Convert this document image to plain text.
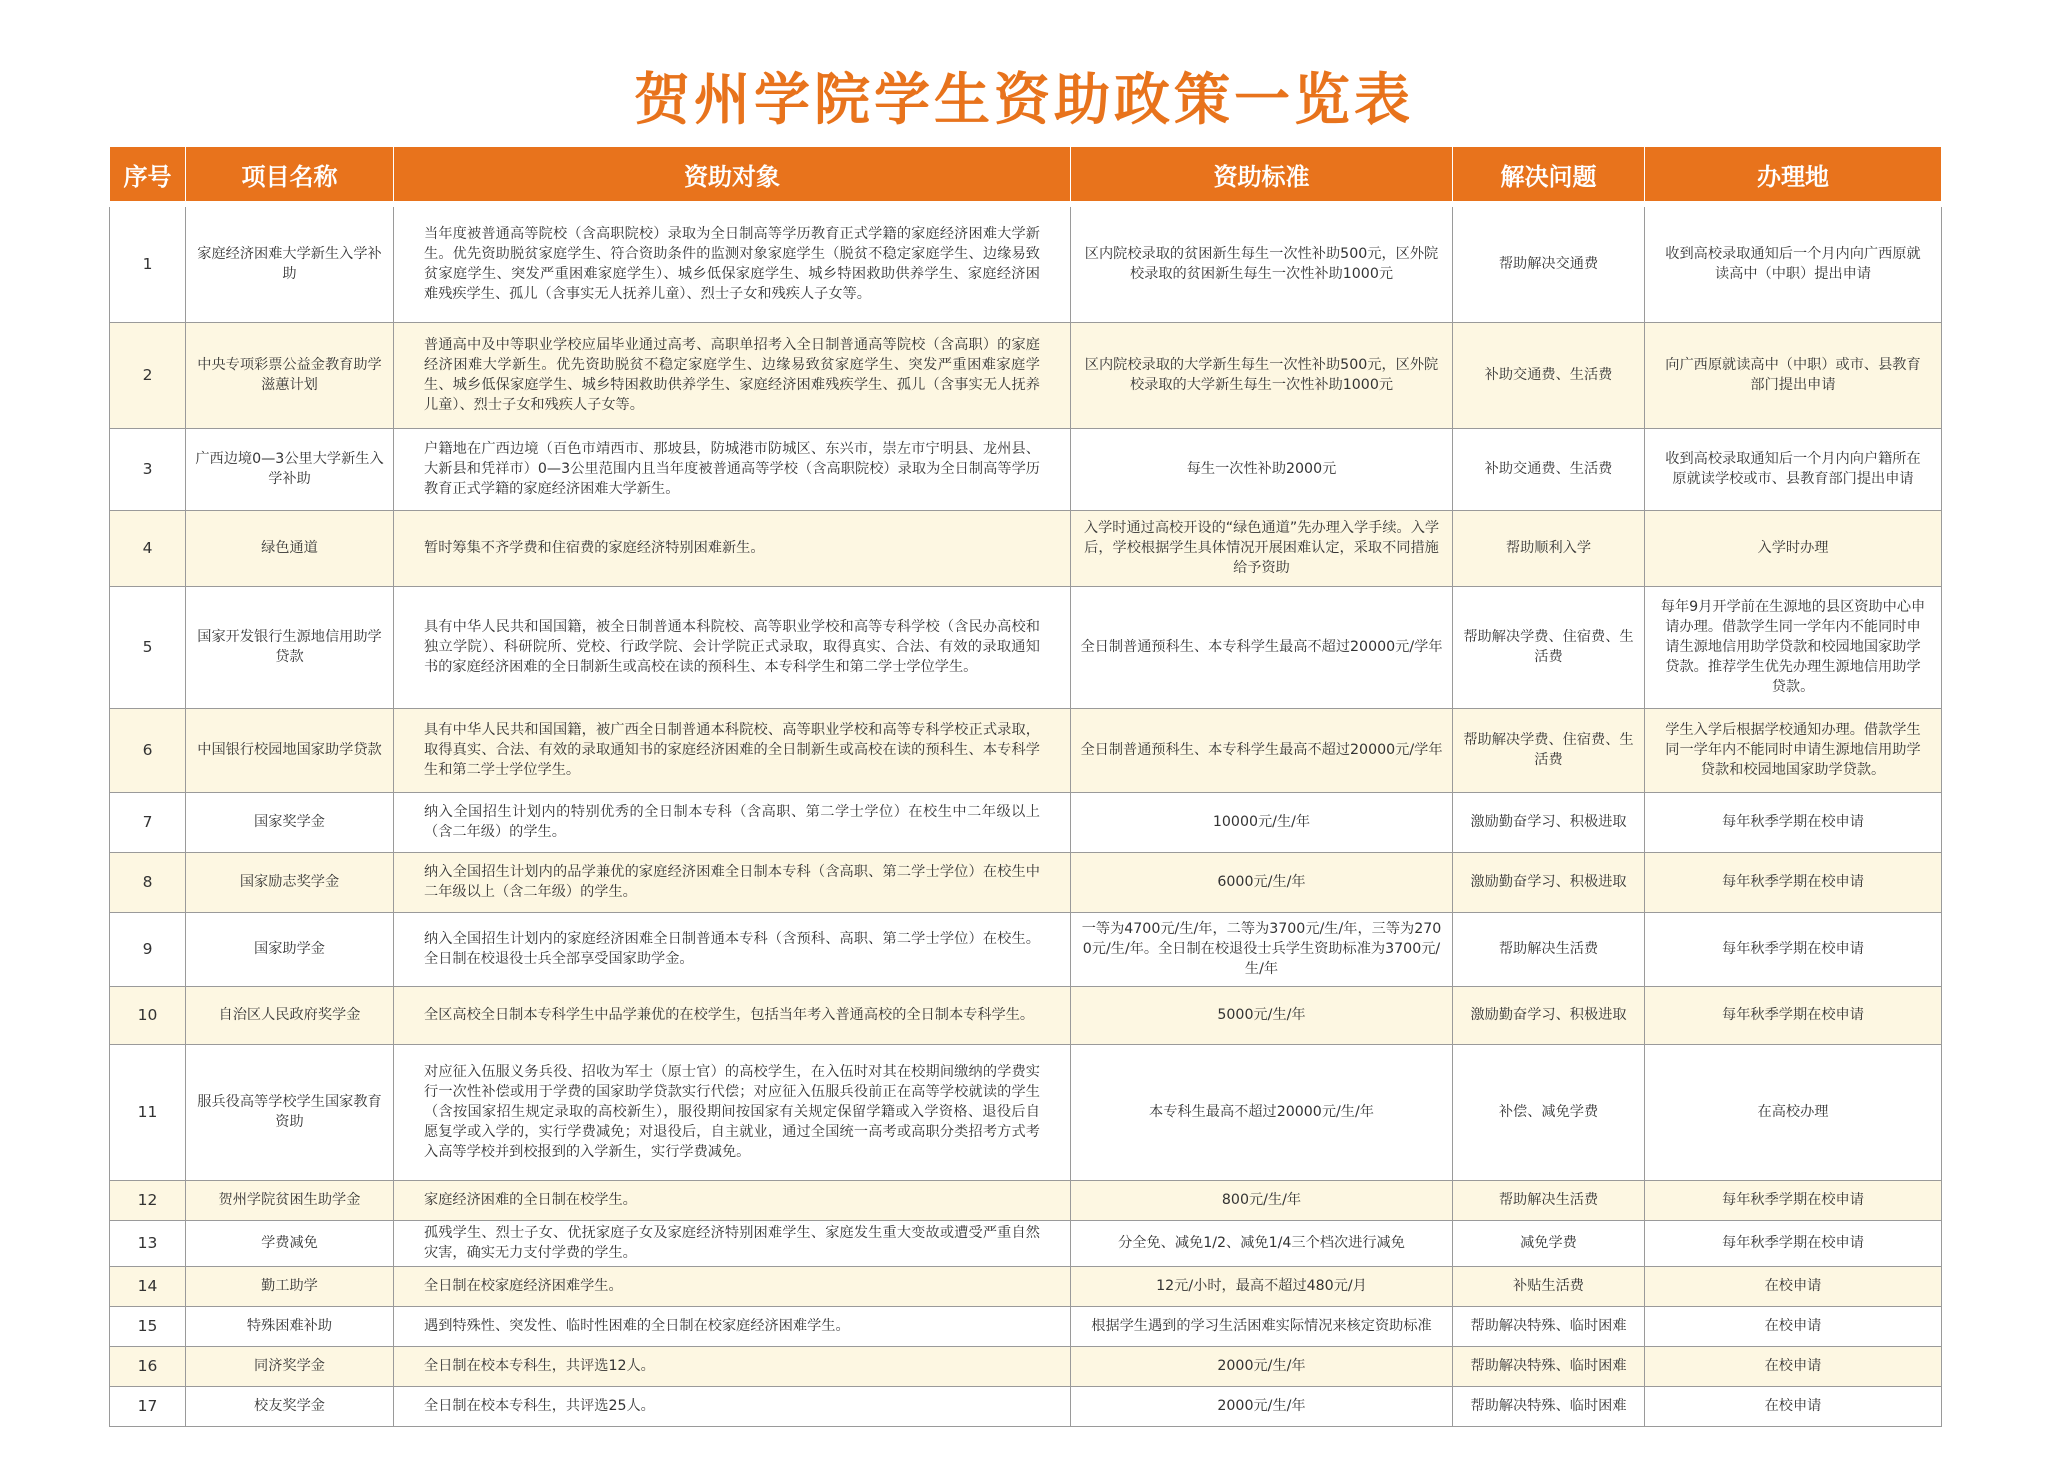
贺州学院学生资助政策一览表
序号	项目名称	资助对象	资助标准	解决问题	办理地
1	家庭经济困难大学新生入学补助	当年度被普通高等院校（含高职院校）录取为全日制高等学历教育正式学籍的家庭经济困难大学新生。优先资助脱贫家庭学生、符合资助条件的监测对象家庭学生（脱贫不稳定家庭学生、边缘易致贫家庭学生、突发严重困难家庭学生）、城乡低保家庭学生、城乡特困救助供养学生、家庭经济困难残疾学生、孤儿（含事实无人抚养儿童）、烈士子女和残疾人子女等。	区内院校录取的贫困新生每生一次性补助500元，区外院校录取的贫困新生每生一次性补助1000元	帮助解决交通费	收到高校录取通知后一个月内向广西原就读高中（中职）提出申请
2	中央专项彩票公益金教育助学滋蕙计划	普通高中及中等职业学校应届毕业通过高考、高职单招考入全日制普通高等院校（含高职）的家庭经济困难大学新生。优先资助脱贫不稳定家庭学生、边缘易致贫家庭学生、突发严重困难家庭学生、城乡低保家庭学生、城乡特困救助供养学生、家庭经济困难残疾学生、孤儿（含事实无人抚养儿童）、烈士子女和残疾人子女等。	区内院校录取的大学新生每生一次性补助500元，区外院校录取的大学新生每生一次性补助1000元	补助交通费、生活费	向广西原就读高中（中职）或市、县教育部门提出申请
3	广西边境0—3公里大学新生入学补助	户籍地在广西边境（百色市靖西市、那坡县，防城港市防城区、东兴市，崇左市宁明县、龙州县、大新县和凭祥市）0—3公里范围内且当年度被普通高等学校（含高职院校）录取为全日制高等学历教育正式学籍的家庭经济困难大学新生。	每生一次性补助2000元	补助交通费、生活费	收到高校录取通知后一个月内向户籍所在原就读学校或市、县教育部门提出申请
4	绿色通道	暂时筹集不齐学费和住宿费的家庭经济特别困难新生。	入学时通过高校开设的“绿色通道”先办理入学手续。入学后，学校根据学生具体情况开展困难认定，采取不同措施给予资助	帮助顺利入学	入学时办理
5	国家开发银行生源地信用助学贷款	具有中华人民共和国国籍，被全日制普通本科院校、高等职业学校和高等专科学校（含民办高校和独立学院）、科研院所、党校、行政学院、会计学院正式录取，取得真实、合法、有效的录取通知书的家庭经济困难的全日制新生或高校在读的预科生、本专科学生和第二学士学位学生。	全日制普通预科生、本专科学生最高不超过20000元/学年	帮助解决学费、住宿费、生活费	每年9月开学前在生源地的县区资助中心申请办理。借款学生同一学年内不能同时申请生源地信用助学贷款和校园地国家助学贷款。推荐学生优先办理生源地信用助学贷款。
6	中国银行校园地国家助学贷款	具有中华人民共和国国籍，被广西全日制普通本科院校、高等职业学校和高等专科学校正式录取，取得真实、合法、有效的录取通知书的家庭经济困难的全日制新生或高校在读的预科生、本专科学生和第二学士学位学生。	全日制普通预科生、本专科学生最高不超过20000元/学年	帮助解决学费、住宿费、生活费	学生入学后根据学校通知办理。借款学生同一学年内不能同时申请生源地信用助学贷款和校园地国家助学贷款。
7	国家奖学金	纳入全国招生计划内的特别优秀的全日制本专科（含高职、第二学士学位）在校生中二年级以上（含二年级）的学生。	10000元/生/年	激励勤奋学习、积极进取	每年秋季学期在校申请
8	国家励志奖学金	纳入全国招生计划内的品学兼优的家庭经济困难全日制本专科（含高职、第二学士学位）在校生中二年级以上（含二年级）的学生。	6000元/生/年	激励勤奋学习、积极进取	每年秋季学期在校申请
9	国家助学金	纳入全国招生计划内的家庭经济困难全日制普通本专科（含预科、高职、第二学士学位）在校生。全日制在校退役士兵全部享受国家助学金。	一等为4700元/生/年，二等为3700元/生/年，三等为2700元/生/年。全日制在校退役士兵学生资助标准为3700元/生/年	帮助解决生活费	每年秋季学期在校申请
10	自治区人民政府奖学金	全区高校全日制本专科学生中品学兼优的在校学生，包括当年考入普通高校的全日制本专科学生。	5000元/生/年	激励勤奋学习、积极进取	每年秋季学期在校申请
11	服兵役高等学校学生国家教育资助	对应征入伍服义务兵役、招收为军士（原士官）的高校学生，在入伍时对其在校期间缴纳的学费实行一次性补偿或用于学费的国家助学贷款实行代偿；对应征入伍服兵役前正在高等学校就读的学生（含按国家招生规定录取的高校新生），服役期间按国家有关规定保留学籍或入学资格、退役后自愿复学或入学的，实行学费减免；对退役后，自主就业，通过全国统一高考或高职分类招考方式考入高等学校并到校报到的入学新生，实行学费减免。	本专科生最高不超过20000元/生/年	补偿、减免学费	在高校办理
12	贺州学院贫困生助学金	家庭经济困难的全日制在校学生。	800元/生/年	帮助解决生活费	每年秋季学期在校申请
13	学费减免	孤残学生、烈士子女、优抚家庭子女及家庭经济特别困难学生、家庭发生重大变故或遭受严重自然灾害，确实无力支付学费的学生。	分全免、减免1/2、减免1/4三个档次进行减免	减免学费	每年秋季学期在校申请
14	勤工助学	全日制在校家庭经济困难学生。	12元/小时，最高不超过480元/月	补贴生活费	在校申请
15	特殊困难补助	遇到特殊性、突发性、临时性困难的全日制在校家庭经济困难学生。	根据学生遇到的学习生活困难实际情况来核定资助标准	帮助解决特殊、临时困难	在校申请
16	同济奖学金	全日制在校本专科生，共评选12人。	2000元/生/年	帮助解决特殊、临时困难	在校申请
17	校友奖学金	全日制在校本专科生，共评选25人。	2000元/生/年	帮助解决特殊、临时困难	在校申请
